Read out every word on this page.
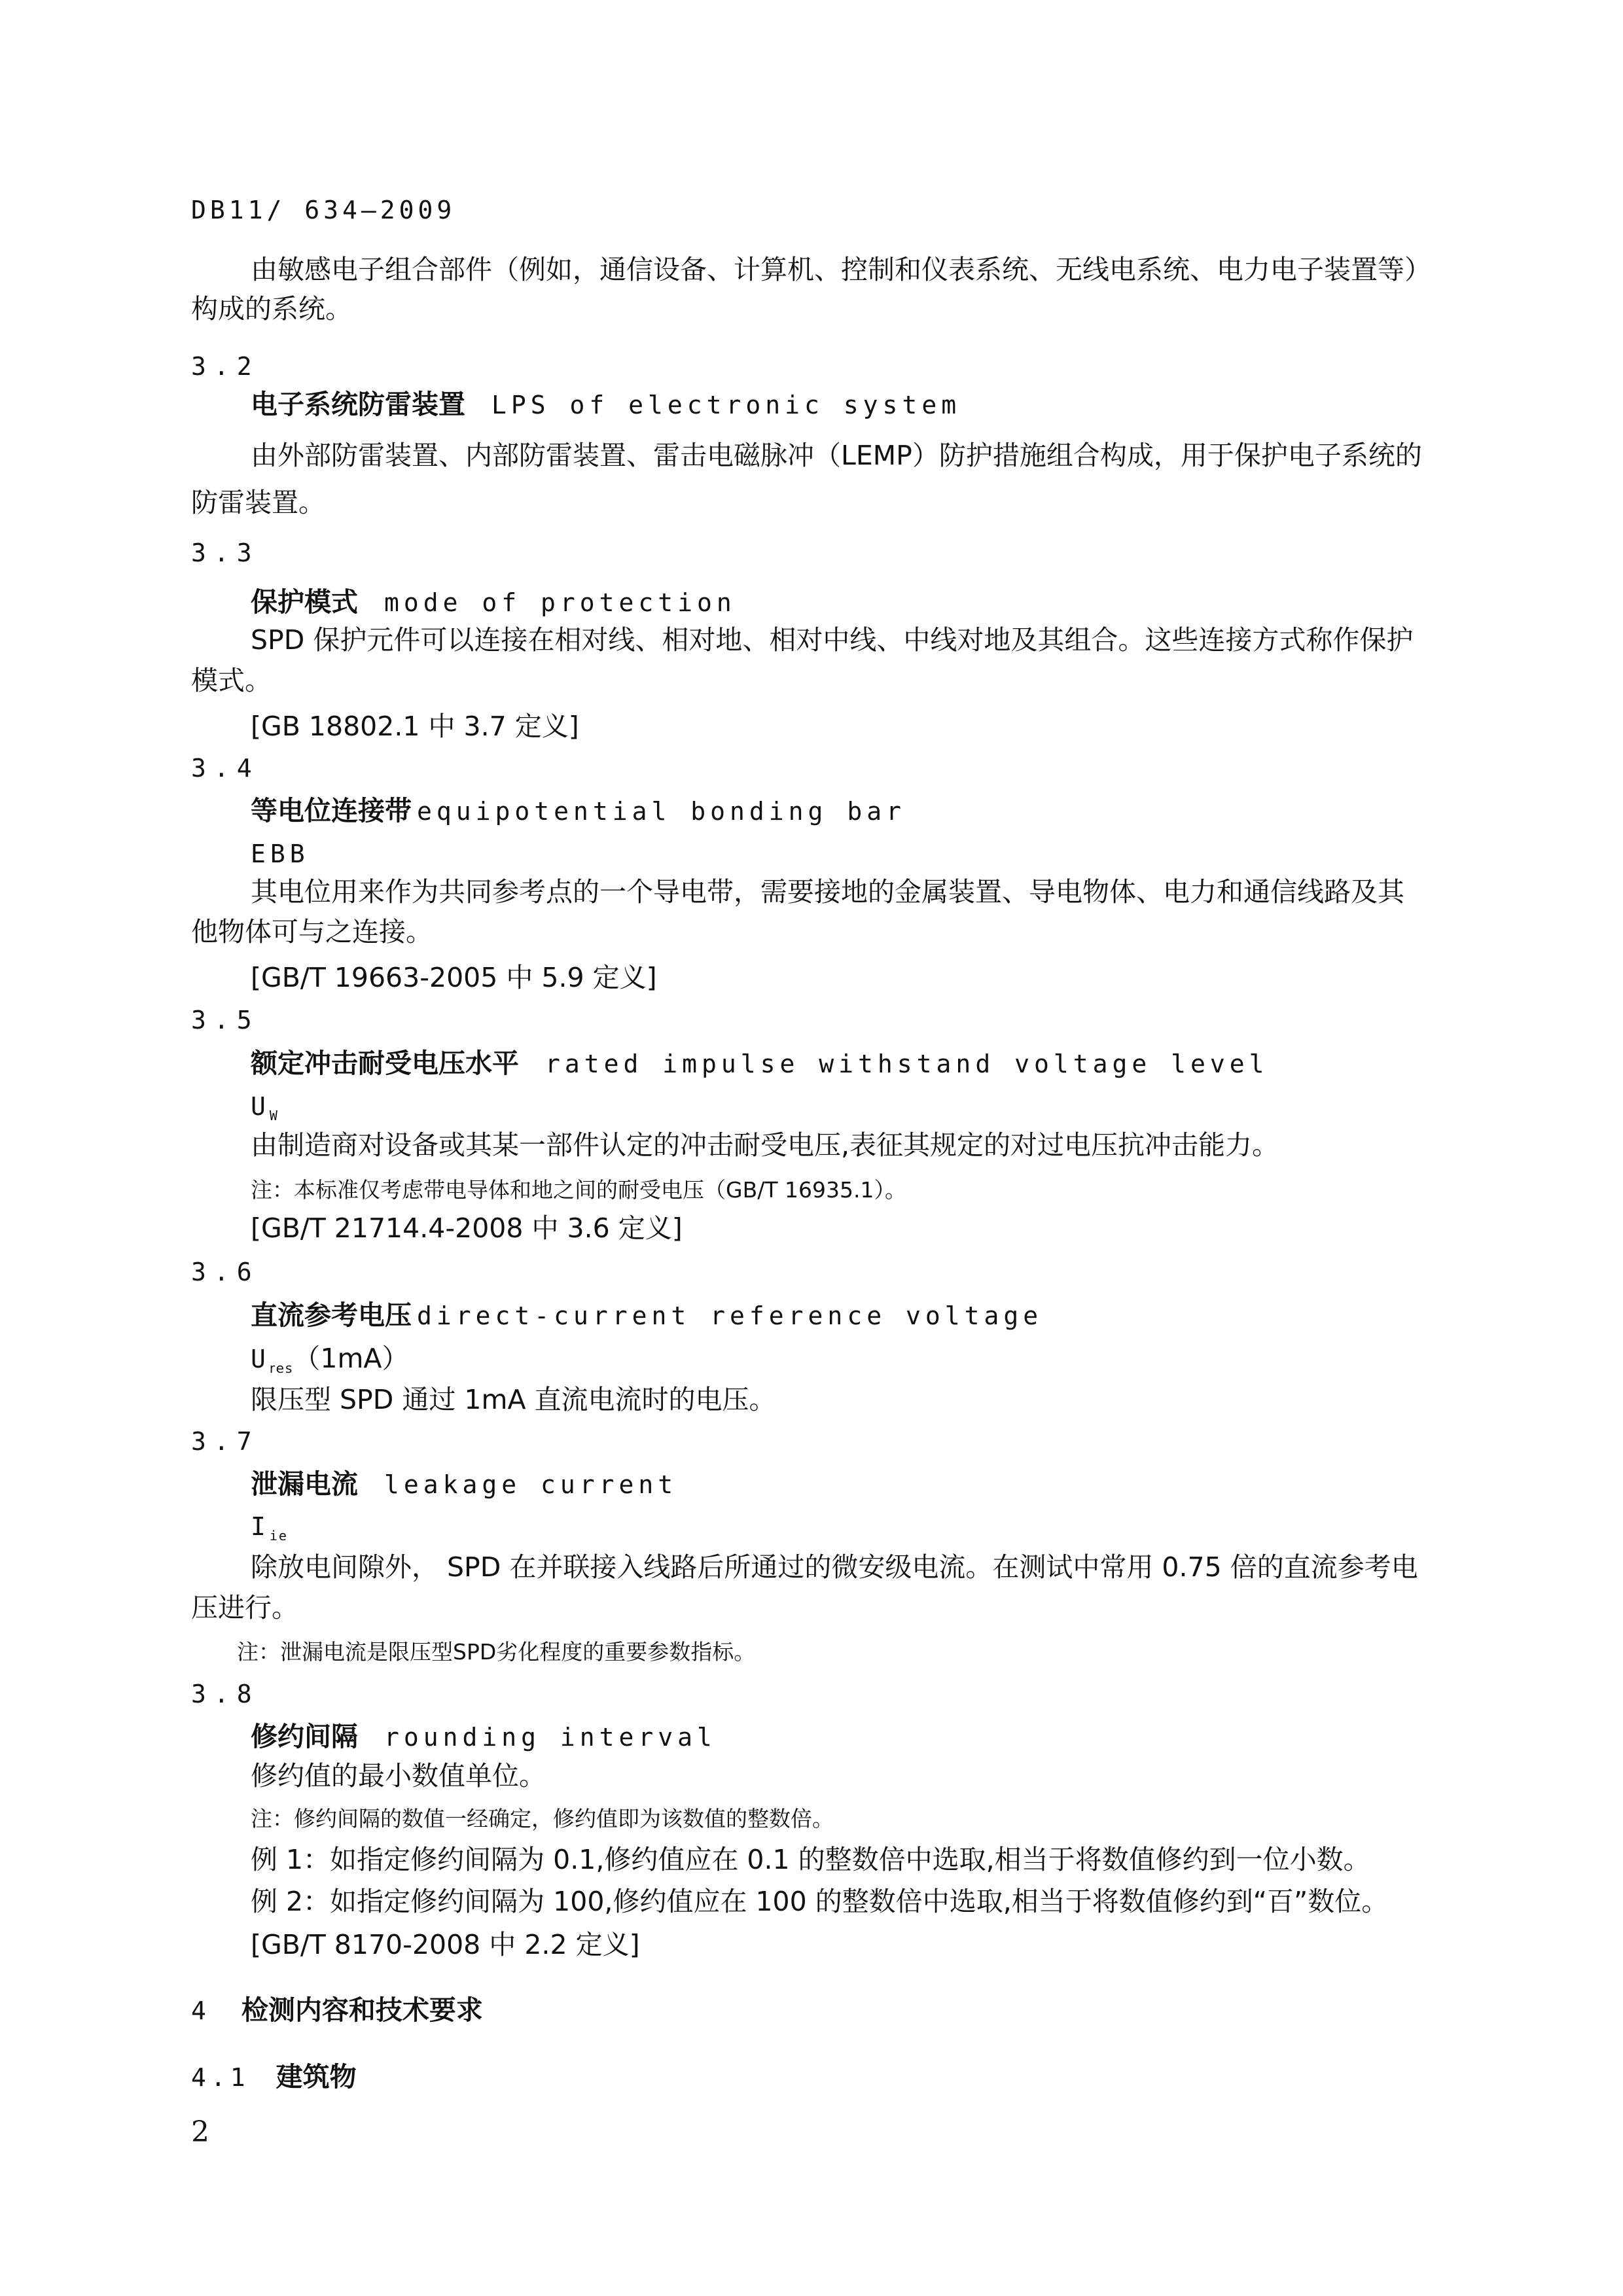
DB11/ 634—2009
由敏感电子组合部件（例如，通信设备、计算机、控制和仪表系统、无线电系统、电力电子装置等）
构成的系统。
3.2
电子系统防雷装置 LPS of electronic system
由外部防雷装置、内部防雷装置、雷击电磁脉冲（LEMP）防护措施组合构成，用于保护电子系统的
防雷装置。
3.3
保护模式 mode of protection
SPD 保护元件可以连接在相对线、相对地、相对中线、中线对地及其组合。这些连接方式称作保护
模式。
[GB 18802.1 中 3.7 定义]
3.4
等电位连接带 equipotential bonding bar
EBB
其电位用来作为共同参考点的一个导电带，需要接地的金属装置、导电物体、电力和通信线路及其
他物体可与之连接。
[GB/T 19663-2005 中 5.9 定义]
3.5
额定冲击耐受电压水平 rated impulse withstand voltage level
$U_W$
由制造商对设备或其某一部件认定的冲击耐受电压,表征其规定的对过电压抗冲击能力。
注：本标准仅考虑带电导体和地之间的耐受电压（GB/T 16935.1）。
[GB/T 21714.4-2008 中 3.6 定义]
3.6
直流参考电压 direct-current reference voltage
$U_{res}(1mA)$
限压型 SPD 通过 1mA 直流电流时的电压。
3.7
泄漏电流 leakage current
$I_{ie}$
除放电间隙外， SPD 在并联接入线路后所通过的微安级电流。在测试中常用 0.75 倍的直流参考电
压进行。
注：泄漏电流是限压型SPD劣化程度的重要参数指标。
3.8
修约间隔 rounding interval
修约值的最小数值单位。
注：修约间隔的数值一经确定，修约值即为该数值的整数倍。
例 1：如指定修约间隔为 0.1,修约值应在 0.1 的整数倍中选取,相当于将数值修约到一位小数。
例 2：如指定修约间隔为 100,修约值应在 100 的整数倍中选取,相当于将数值修约到“百”数位。
[GB/T 8170-2008 中 2.2 定义]
4 检测内容和技术要求
4.1 建筑物
2
